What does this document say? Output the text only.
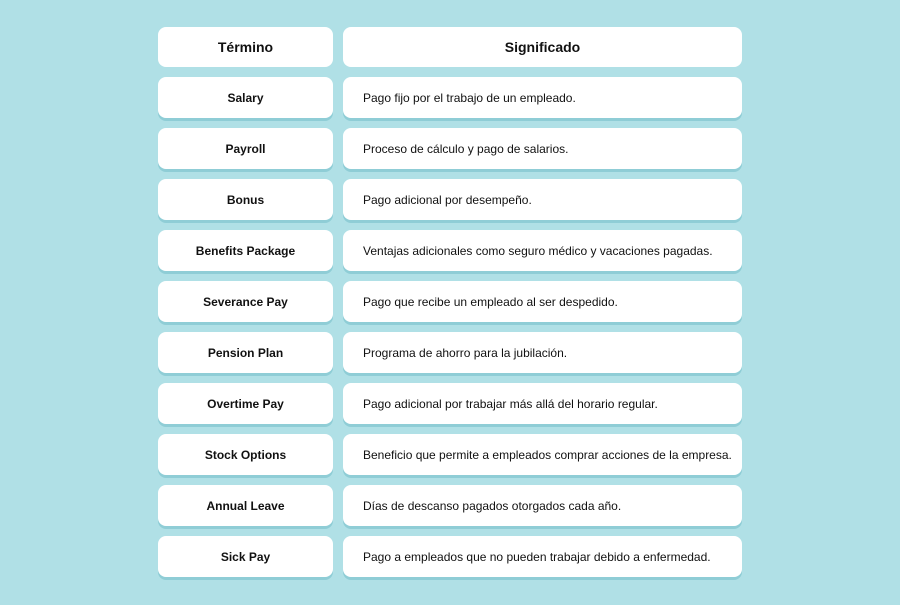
Término	Significado
Salary	Pago fijo por el trabajo de un empleado.
Payroll	Proceso de cálculo y pago de salarios.
Bonus	Pago adicional por desempeño.
Benefits Package	Ventajas adicionales como seguro médico y vacaciones pagadas.
Severance Pay	Pago que recibe un empleado al ser despedido.
Pension Plan	Programa de ahorro para la jubilación.
Overtime Pay	Pago adicional por trabajar más allá del horario regular.
Stock Options	Beneficio que permite a empleados comprar acciones de la empresa.
Annual Leave	Días de descanso pagados otorgados cada año.
Sick Pay	Pago a empleados que no pueden trabajar debido a enfermedad.
